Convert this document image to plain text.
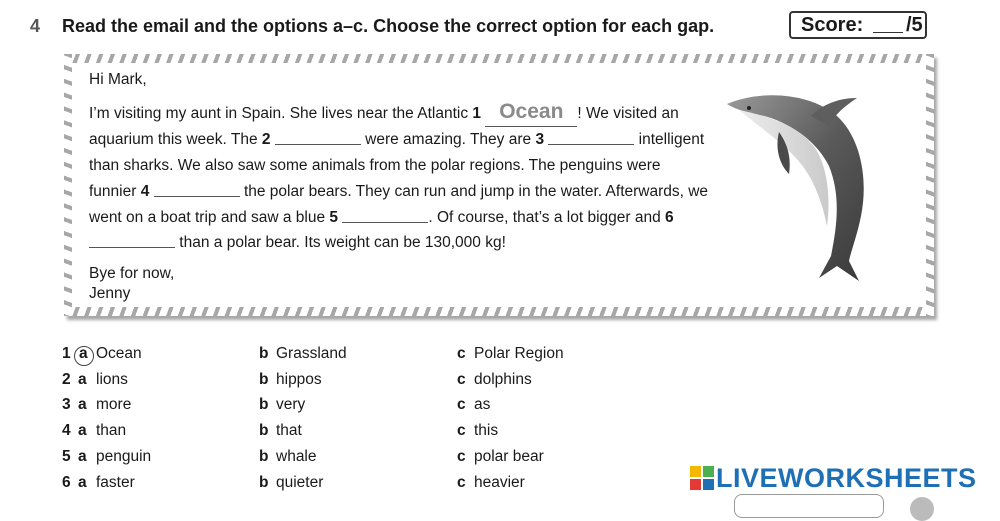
4 Read the email and the options a–c. Choose the correct option for each gap.	Score: /5

Hi Mark,

I’m visiting my aunt in Spain. She lives near the Atlantic 1 Ocean ! We visited an aquarium this week. The 2	were amazing. They are 3	intelligent than sharks. We also saw some animals from the polar regions. The penguins were funnier 4	the polar bears. They can run and jump in the water. Afterwards, we went on a boat trip and saw a blue 5	. Of course, that’s a lot bigger and 6  than a polar bear. Its weight can be 130,000 kg!

Bye for now,

Jenny

1 a Ocean	b Grassland	c Polar Region
2 a lions	b hippos	c dolphins
3 a more	b very	c as
4 a than	b that	c this
5 a penguin	b whale	c polar bear
6 a faster	b quieter	c heavier	LIVEWORKSHEETS
